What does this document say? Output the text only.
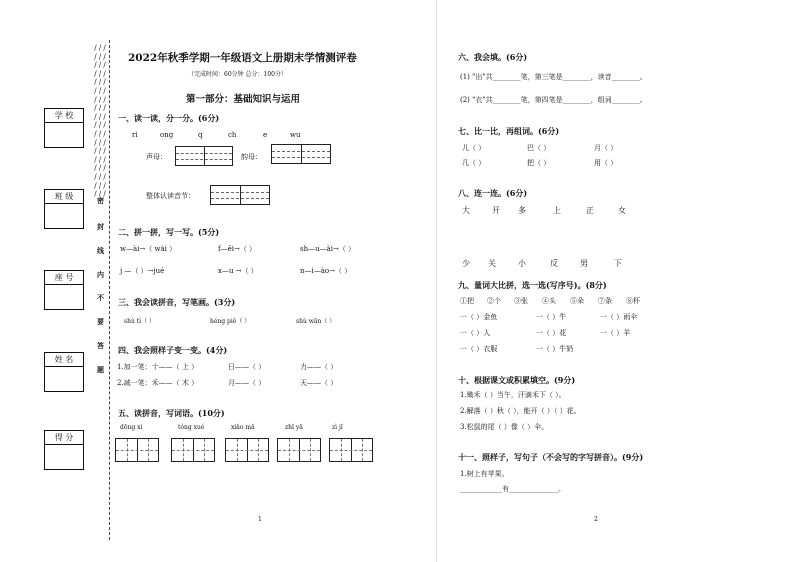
/ / / / / / / / / / / / / / / / / / / / / / / / / / / / / / / / / / / / / / / / / / / / / / / / / / / / / /
学 校
班 级
座 号
姓 名
得 分
密
封
线
内
不
要
答
题
2022年秋季学期一年级语文上册期末学情测评卷
（完成时间：60分钟 总分：100分）
第一部分：基础知识与运用
一、读一读，分一分。(6分)
ri	ong	q	ch	e	wu
声母：	韵母：
整体认读音节：
二、拼一拼，写一写。(5分)
w—ài→（ wài ）	f—ēi→（ ）	sh—u—ài→（ ）
j —（ ）→jué	x—u →（ ）	n—i—ào→（ ）
三、我会读拼音，写笔画。(3分)
shù tí（ ）	héng piě（ ）	shù wān（ ）
四、我会照样子变一变。(4分)
1.加一笔：十——（ 上 ）	日——（ ）	力——（ ）
2.减一笔：禾——（ 木 ）	月——（ ）	天——（ ）
五、读拼音，写词语。(10分)
dōng xi	tóng xué	xiǎo mǎ	zhǐ yā	zì jǐ
1
六、我会填。(6分)
(1) "出"共________笔，第三笔是________，读音________。
(2) "衣"共________笔，第四笔是________，组词________。
七、比一比，再组词。(6分)
儿（ ）	巴（ ）	月（ ）
几（ ）	把（ ）	用（ ）
八、连一连。(6分)
大	开 多	上	正	女
少 关	小	反	男	下
九、量词大比拼，选一选(写序号)。(8分)
①把 ②个 ③张 ④头 ⑤朵 ⑦条 ⑧杯
一（ ）金鱼	一（ ）牛	一（ ）雨伞
一（ ）人	一（ ）花	一（ ）羊
一（ ）衣服	一（ ）牛奶
十、根据课文或积累填空。(9分)
1.锄禾（ ）当午，汗滴禾下（ ）。
2.解落（ ）秋（ ），能开（ ）（ ）花。
3.松鼠的尾（ ）像（ ）伞。
十一、照样子，写句子（不会写的字写拼音）。(9分)
1.树上有苹果。
____________有______________。
2
